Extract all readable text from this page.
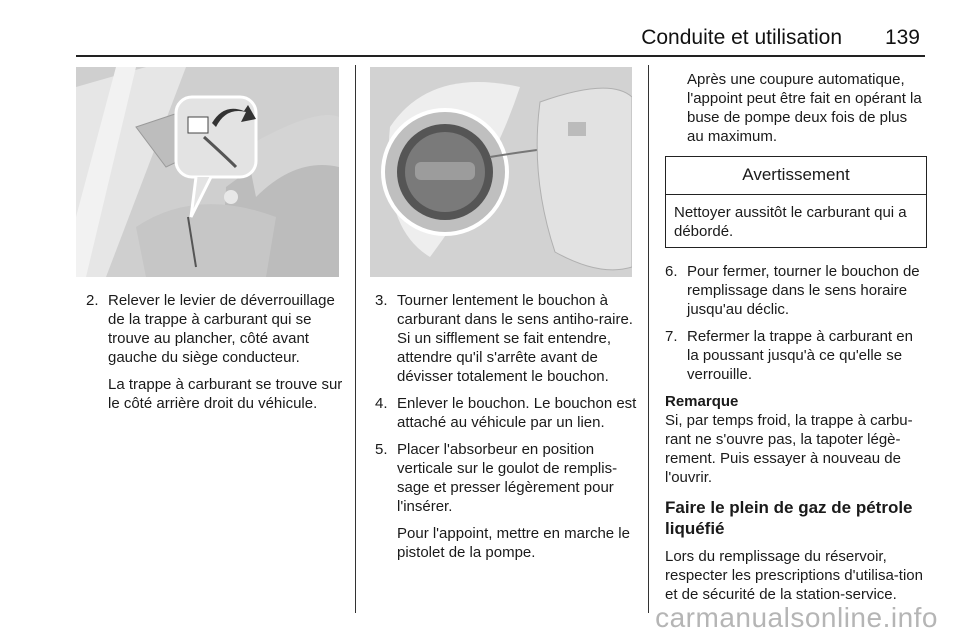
Conduite et utilisation 139
2. Relever le levier de déverrouillage de la trappe à carburant qui se trouve au plancher, côté avant gauche du siège conducteur.

La trappe à carburant se trouve sur le côté arrière droit du véhicule.

3. Tourner lentement le bouchon à carburant dans le sens antiho-raire. Si un sifflement se fait entendre, attendre qu'il s'arrête avant de dévisser totalement le bouchon.

4. Enlever le bouchon. Le bouchon est attaché au véhicule par un lien.

5. Placer l'absorbeur en position verticale sur le goulot de remplis-sage et presser légèrement pour l'insérer.

Pour l'appoint, mettre en marche le pistolet de la pompe.

Après une coupure automatique, l'appoint peut être fait en opérant la buse de pompe deux fois de plus au maximum.

Avertissement
Nettoyer aussitôt le carburant qui a débordé.
6. Pour fermer, tourner le bouchon de remplissage dans le sens horaire jusqu'au déclic.

7. Refermer la trappe à carburant en la poussant jusqu'à ce qu'elle se verrouille.

Remarque
Si, par temps froid, la trappe à carbu-rant ne s'ouvre pas, la tapoter légè-rement. Puis essayer à nouveau de l'ouvrir.
Faire le plein de gaz de pétrole liquéfié
Lors du remplissage du réservoir, respecter les prescriptions d'utilisa-tion et de sécurité de la station-service.
carmanualsonline.info
